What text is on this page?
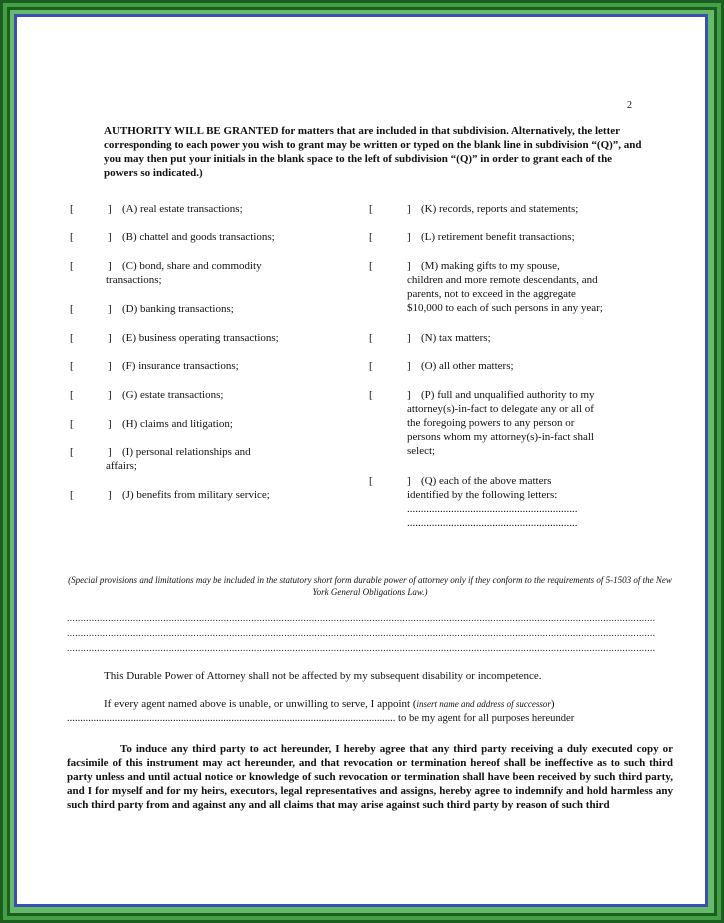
2
AUTHORITY WILL BE GRANTED for matters that are included in that subdivision. Alternatively, the letter corresponding to each power you wish to grant may be written or typed on the blank line in subdivision “(Q)”, and you may then put your initials in the blank space to the left of subdivision “(Q)” in order to grant each of the powers so indicated.)
[	] (A) real estate transactions;
[	] (B) chattel and goods transactions;
[	] (C) bond, share and commodity
transactions;
[	] (D) banking transactions;
[	] (E) business operating transactions;
[	] (F) insurance transactions;
[	] (G) estate transactions;
[	] (H) claims and litigation;
[	] (I) personal relationships and
affairs;
[	] (J) benefits from military service;
[	] (K) records, reports and statements;
[	] (L) retirement benefit transactions;
[	] (M) making gifts to my spouse,
children and more remote descendants, and
parents, not to exceed in the aggregate
$10,000 to each of such persons in any year;
[	] (N) tax matters;
[	] (O) all other matters;
[	] (P) full and unqualified authority to my
attorney(s)-in-fact to delegate any or all of
the foregoing powers to any person or
persons whom my attorney(s)-in-fact shall
select;
[	] (Q) each of the above matters
identified by the following letters:
..............................................................
..............................................................
(Special provisions and limitations may be included in the statutory short form durable power of attorney only if they conform to the requirements of 5-1503 of the New York General Obligations Law.)
......................................................................................................................................................................................................................
......................................................................................................................................................................................................................
......................................................................................................................................................................................................................
This Durable Power of Attorney shall not be affected by my subsequent disability or incompetence.
If every agent named above is unable, or unwilling to serve, I appoint (insert name and address of successor)
............................................................................................................................ to be my agent for all purposes hereunder
To induce any third party to act hereunder, I hereby agree that any third party receiving a duly executed copy or facsimile of this instrument may act hereunder, and that revocation or termination hereof shall be ineffective as to such third party unless and until actual notice or knowledge of such revocation or termination shall have been received by such third party, and I for myself and for my heirs, executors, legal representatives and assigns, hereby agree to indemnify and hold harmless any such third party from and against any and all claims that may arise against such third party by reason of such third
